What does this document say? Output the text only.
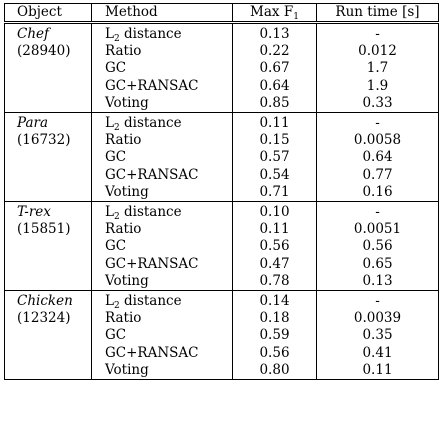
Object	Method	Max $F_1$	Run time [s]
Chef	$L_2$ distance	0.13	-
(28940)	Ratio	0.22	0.012
	GC	0.67	1.7
	GC+RANSAC	0.64	1.9
	Voting	0.85	0.33
Para	$L_2$ distance	0.11	-
(16732)	Ratio	0.15	0.0058
	GC	0.57	0.64
	GC+RANSAC	0.54	0.77
	Voting	0.71	0.16
T-rex	$L_2$ distance	0.10	-
(15851)	Ratio	0.11	0.0051
	GC	0.56	0.56
	GC+RANSAC	0.47	0.65
	Voting	0.78	0.13
Chicken	$L_2$ distance	0.14	-
(12324)	Ratio	0.18	0.0039
	GC	0.59	0.35
	GC+RANSAC	0.56	0.41
	Voting	0.80	0.11
